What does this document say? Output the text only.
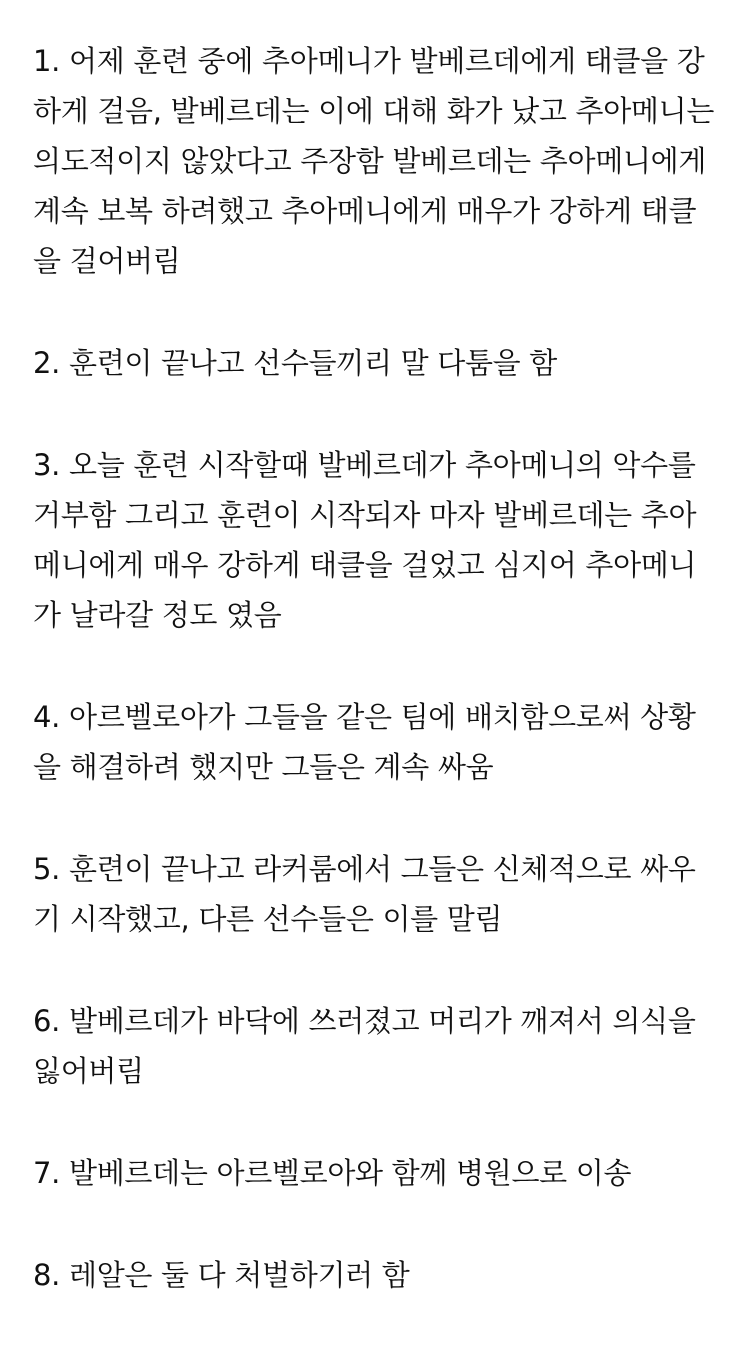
1. 어제 훈련 중에 추아메니가 발베르데에게 태클을 강
하게 걸음, 발베르데는 이에 대해 화가 났고 추아메니는
의도적이지 않았다고 주장함 발베르데는 추아메니에게
계속 보복 하려했고 추아메니에게 매우가 강하게 태클
을 걸어버림
2. 훈련이 끝나고 선수들끼리 말 다툼을 함
3. 오늘 훈련 시작할때 발베르데가 추아메니의 악수를
거부함 그리고 훈련이 시작되자 마자 발베르데는 추아
메니에게 매우 강하게 태클을 걸었고 심지어 추아메니
가 날라갈 정도 였음
4. 아르벨로아가 그들을 같은 팀에 배치함으로써 상황
을 해결하려 했지만 그들은 계속 싸움
5. 훈련이 끝나고 라커룸에서 그들은 신체적으로 싸우
기 시작했고, 다른 선수들은 이를 말림
6. 발베르데가 바닥에 쓰러졌고 머리가 깨져서 의식을
잃어버림
7. 발베르데는 아르벨로아와 함께 병원으로 이송
8. 레알은 둘 다 처벌하기러 함
